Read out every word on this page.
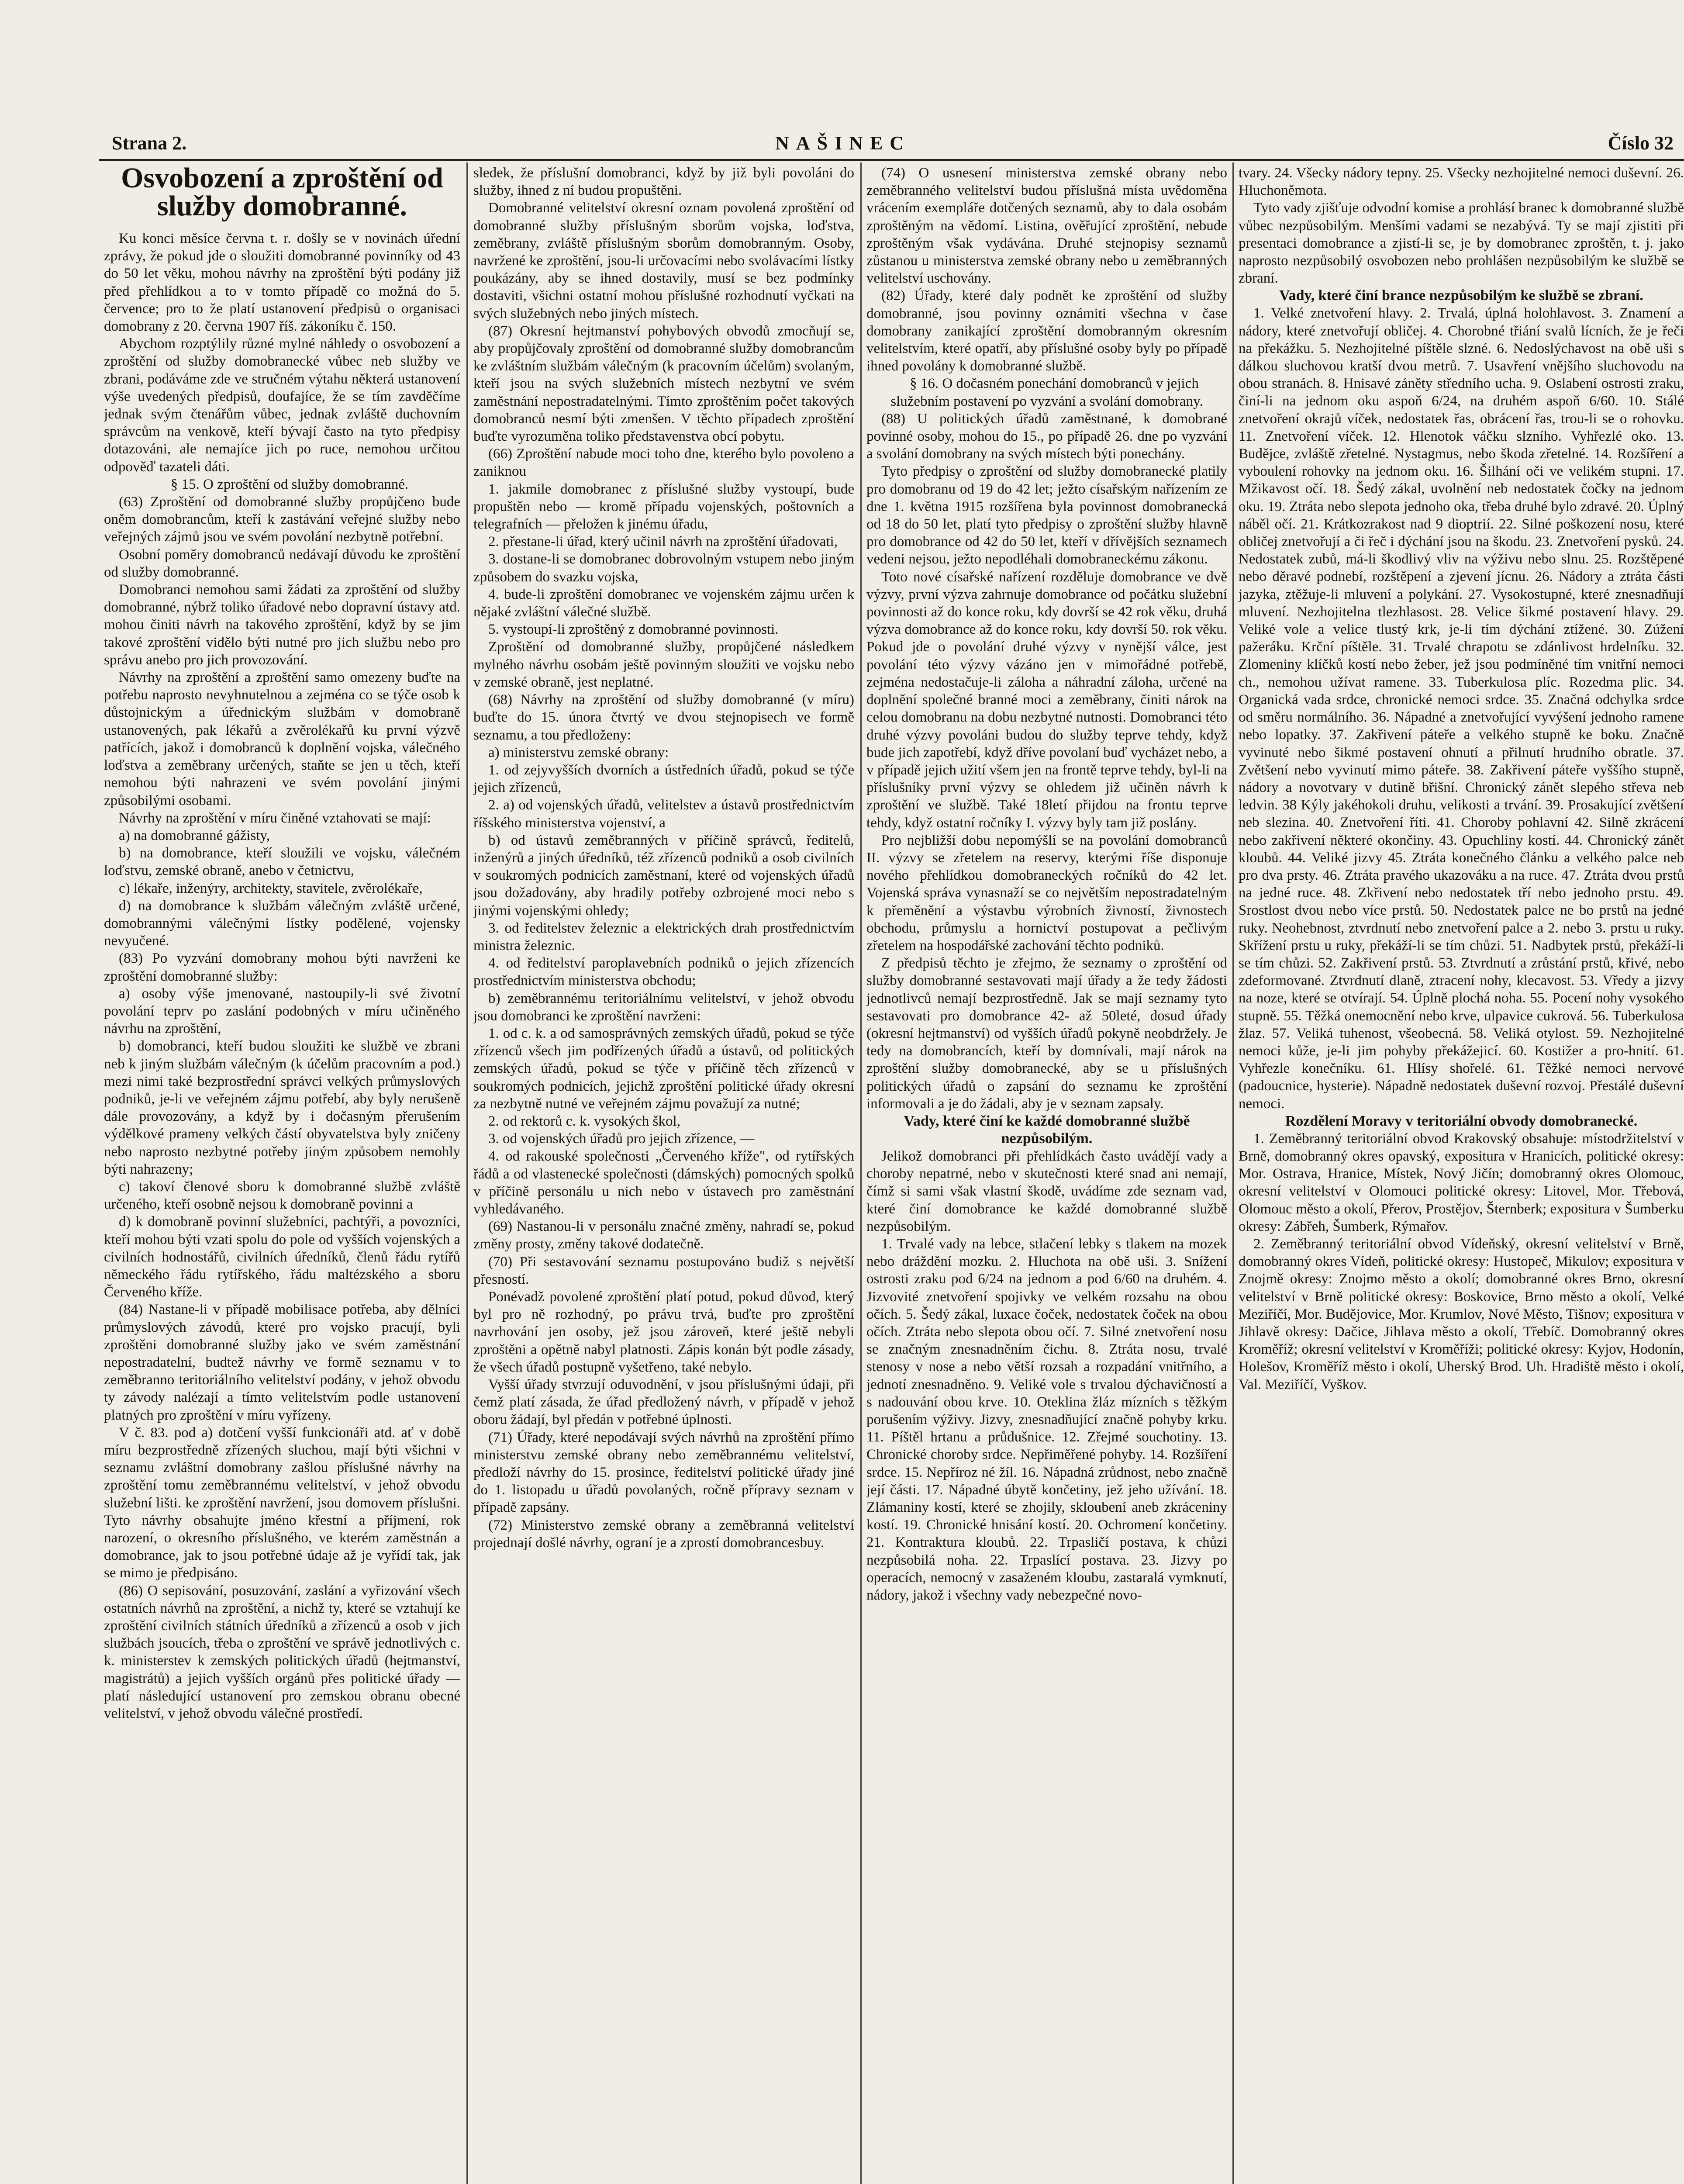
Strana 2.	NAŠINEC	Číslo 32
Osvobození a zproštění od služby domobranné.

Ku konci měsíce června t. r. došly se v novinách úřední zprávy, že pokud jde o sloužiti domobranné povinníky od 43 do 50 let věku, mohou návrhy na zproštění býti podány již před přehlídkou a to v tomto případě co možná do 5. července; pro to že platí ustanovení předpisů o organisaci domobrany z 20. června 1907 říš. zákoníku č. 150.

Abychom rozptýlily různé mylné náhledy o osvobození a zproštění od služby domobranecké vůbec neb služby ve zbrani, podáváme zde ve stručném výtahu některá ustanovení výše uvedených předpisů, doufajíce, že se tím zavděčíme jednak svým čtenářům vůbec, jednak zvláště duchovním správcům na venkově, kteří bývají často na tyto předpisy dotazováni, ale nemajíce jich po ruce, nemohou určitou odpověď tazateli dáti.

§ 15. O zproštění od služby domobranné.

(63) Zproštění od domobranné služby propůjčeno bude oněm domobrancům, kteří k zastávání veřejné služby nebo veřejných zájmů jsou ve svém povolání nezbytně potřební.

Osobní poměry domobranců nedávají důvodu ke zproštění od služby domobranné.

Domobranci nemohou sami žádati za zproštění od služby domobranné, nýbrž toliko úřadové nebo dopravní ústavy atd. mohou činiti návrh na takového zproštění, když by se jim takové zproštění vidělo býti nutné pro jich službu nebo pro správu anebo pro jich provozování.

Návrhy na zproštění a zproštění samo omezeny buďte na potřebu naprosto nevyhnutelnou a zejména co se týče osob k důstojnickým a úřednickým službám v domobraně ustanovených, pak lékařů a zvěrolékařů ku první výzvě patřících, jakož i domobranců k doplnění vojska, válečného loďstva a zeměbrany určených, staňte se jen u těch, kteří nemohou býti nahrazeni ve svém povolání jinými způsobilými osobami.

Návrhy na zproštění v míru činěné vztahovati se mají:

a) na domobranné gážisty,

b) na domobrance, kteří sloužili ve vojsku, válečném loďstvu, zemské obraně, anebo v četnictvu,

c) lékaře, inženýry, architekty, stavitele, zvěrolékaře,

d) na domobrance k službám válečným zvláště určené, domobrannými válečnými lístky podělené, vojensky nevyučené.

(83) Po vyzvání domobrany mohou býti navrženi ke zproštění domobranné služby:

a) osoby výše jmenované, nastoupily-li své životní povolání teprv po zaslání podobných v míru učiněného návrhu na zproštění,

b) domobranci, kteří budou sloužiti ke službě ve zbrani neb k jiným službám válečným (k účelům pracovním a pod.) mezi nimi také bezprostřední správci velkých průmyslových podniků, je-li ve veřejném zájmu potřebí, aby byly nerušeně dále provozovány, a když by i dočasným přerušením výdělkové prameny velkých částí obyvatelstva byly zničeny nebo naprosto nezbytné potřeby jiným způsobem nemohly býti nahrazeny;

c) takoví členové sboru k domobranné službě zvláště určeného, kteří osobně nejsou k domobraně povinni a

d) k domobraně povinní služebníci, pachtýři, a povozníci, kteří mohou býti vzati spolu do pole od vyšších vojenských a civilních hodnostářů, civilních úředníků, členů řádu rytířů německého řádu rytířského, řádu maltézského a sboru Červeného kříže.

(84) Nastane-li v případě mobilisace potřeba, aby dělníci průmyslových závodů, které pro vojsko pracují, byli zproštěni domobranné služby jako ve svém zaměstnání nepostradatelní, budtež návrhy ve formě seznamu v to zeměbranno teritoriálního velitelství podány, v jehož obvodu ty závody nalézají a tímto velitelstvím podle ustanovení platných pro zproštění v míru vyřízeny.

V č. 83. pod a) dotčení vyšší funkcionáři atd. ať v době míru bezprostředně zřízených sluchou, mají býti všichni v seznamu zvláštní domobrany zašlou příslušné návrhy na zproštění tomu zeměbrannému velitelství, v jehož obvodu služební lišti. ke zproštění navržení, jsou domovem příslušni. Tyto návrhy obsahujte jméno křestní a příjmení, rok narození, o okresního příslušného, ve kterém zaměstnán a domobrance, jak to jsou potřebné údaje až je vyřídí tak, jak se mimo je předpisáno.

(86) O sepisování, posuzování, zaslání a vyřizování všech ostatních návrhů na zproštění, a nichž ty, které se vztahují ke zproštění civilních státních úředníků a zřízenců a osob v jich službách jsoucích, třeba o zproštění ve správě jednotlivých c. k. ministerstev k zemských politických úřadů (hejtmanství, magistrátů) a jejich vyšších orgánů přes politické úřady — platí následující ustanovení pro zemskou obranu obecné velitelství, v jehož obvodu válečné prostředí.

sledek, že příslušní domobranci, když by již byli povoláni do služby, ihned z ní budou propuštěni.

Domobranné velitelství okresní oznam povolená zproštění od domobranné služby příslušným sborům vojska, loďstva, zeměbrany, zvláště příslušným sborům domobranným. Osoby, navržené ke zproštění, jsou-li určovacími nebo svolávacími lístky poukázány, aby se ihned dostavily, musí se bez podmínky dostaviti, všichni ostatní mohou příslušné rozhodnutí vyčkati na svých služebných nebo jiných místech.

(87) Okresní hejtmanství pohybových obvodů zmocňují se, aby propůjčovaly zproštění od domobranné služby domobrancům ke zvláštním službám válečným (k pracovním účelům) svolaným, kteří jsou na svých služebních místech nezbytní ve svém zaměstnání nepostradatelnými. Tímto zproštěním počet takových domobranců nesmí býti zmenšen. V těchto případech zproštění buďte vyrozuměna toliko představenstva obcí pobytu.

(66) Zproštění nabude moci toho dne, kterého bylo povoleno a zaniknou

1. jakmile domobranec z příslušné služby vystoupí, bude propuštěn nebo — kromě případu vojenských, poštovních a telegrafních — přeložen k jinému úřadu,

2. přestane-li úřad, který učinil návrh na zproštění úřadovati,

3. dostane-li se domobranec dobrovolným vstupem nebo jiným způsobem do svazku vojska,

4. bude-li zproštění domobranec ve vojenském zájmu určen k nějaké zvláštní válečné službě.

5. vystoupí-li zproštěný z domobranné povinnosti.

Zproštění od domobranné služby, propůjčené následkem mylného návrhu osobám ještě povinným sloužiti ve vojsku nebo v zemské obraně, jest neplatné.

(68) Návrhy na zproštění od služby domobranné (v míru) buďte do 15. února čtvrtý ve dvou stejnopisech ve formě seznamu, a tou předloženy:

a) ministerstvu zemské obrany:

1. od zejyvyšších dvorních a ústředních úřadů, pokud se týče jejich zřízenců,

2. a) od vojenských úřadů, velitelstev a ústavů prostřednictvím říšského ministerstva vojenství, a

b) od ústavů zeměbranných v příčině správců, ředitelů, inženýrů a jiných úředníků, též zřízenců podniků a osob civilních v soukromých podnicích zaměstnaní, které od vojenských úřadů jsou dožadovány, aby hradily potřeby ozbrojené moci nebo s jinými vojenskými ohledy;

3. od ředitelstev železnic a elektrických drah prostřednictvím ministra železnic.

4. od ředitelství paroplavebních podniků o jejich zřízencích prostřednictvím ministerstva obchodu;

b) zeměbrannému teritoriálnímu velitelství, v jehož obvodu jsou domobranci ke zproštění navrženi:

1. od c. k. a od samosprávných zemských úřadů, pokud se týče zřízenců všech jim podřízených úřadů a ústavů, od politických zemských úřadů, pokud se týče v příčině těch zřízenců v soukromých podnicích, jejichž zproštění politické úřady okresní za nezbytně nutné ve veřejném zájmu považují za nutné;

2. od rektorů c. k. vysokých škol,

3. od vojenských úřadů pro jejich zřízence, —

4. od rakouské společnosti „Červeného kříže", od rytířských řádů a od vlastenecké společnosti (dámských) pomocných spolků v příčině personálu u nich nebo v ústavech pro zaměstnání vyhledávaného.

(69) Nastanou-li v personálu značné změny, nahradí se, pokud změny prosty, změny takové dodatečně.

(70) Při sestavování seznamu postupováno budiž s největší přesností.

Ponévadž povolené zproštění platí potud, pokud důvod, který byl pro ně rozhodný, po právu trvá, buďte pro zproštění navrhování jen osoby, jež jsou zároveň, které ještě nebyli zproštěni a opětně nabyl platnosti. Zápis konán být podle zásady, že všech úřadů postupně vyšetřeno, také nebylo.

Vyšší úřady stvrzují oduvodnění, v jsou příslušnými údaji, při čemž platí zásada, že úřad předložený návrh, v případě v jehož oboru žádají, byl předán v potřebné úplnosti.

(71) Úřady, které nepodávají svých návrhů na zproštění přímo ministerstvu zemské obrany nebo zeměbrannému velitelství, předloží návrhy do 15. prosince, ředitelství politické úřady jiné do 1. listopadu u úřadů povolaných, ročně přípravy seznam v případě zapsány.

(72) Ministerstvo zemské obrany a zeměbranná velitelství projednají došlé návrhy, ograní je a zprostí domobrancesbuy.

(74) O usnesení ministerstva zemské obrany nebo zeměbranného velitelství budou příslušná místa uvědoměna vrácením exempláře dotčených seznamů, aby to dala osobám zproštěným na vědomí. Listina, ověřující zproštění, nebude zproštěným však vydávána. Druhé stejnopisy seznamů zůstanou u ministerstva zemské obrany nebo u zeměbranných velitelství uschovány.

(82) Úřady, které daly podnět ke zproštění od služby domobranné, jsou povinny oznámiti všechna v čase domobrany zanikající zproštění domobranným okresním velitelstvím, které opatří, aby příslušné osoby byly po případě ihned povolány k domobranné službě.

§ 16. O dočasném ponechání domobranců v jejich služebním postavení po vyzvání a svolání domobrany.

(88) U politických úřadů zaměstnané, k domobrané povinné osoby, mohou do 15., po případě 26. dne po vyzvání a svolání domobrany na svých místech býti ponechány.

Tyto předpisy o zproštění od služby domobranecké platily pro domobranu od 19 do 42 let; ježto císařským nařízením ze dne 1. května 1915 rozšířena byla povinnost domobranecká od 18 do 50 let, platí tyto předpisy o zproštění služby hlavně pro domobrance od 42 do 50 let, kteří v dřívějších seznamech vedeni nejsou, ježto nepodléhali domobraneckému zákonu.

Toto nové císařské nařízení rozděluje domobrance ve dvě výzvy, první výzva zahrnuje domobrance od počátku služební povinnosti až do konce roku, kdy dovrší se 42 rok věku, druhá výzva domobrance až do konce roku, kdy dovrší 50. rok věku. Pokud jde o povolání druhé výzvy v nynější válce, jest povolání této výzvy vázáno jen v mimořádné potřebě, zejména nedostačuje-li záloha a náhradní záloha, určené na doplnění společné branné moci a zeměbrany, činiti nárok na celou domobranu na dobu nezbytné nutnosti. Domobranci této druhé výzvy povoláni budou do služby teprve tehdy, když bude jich zapotřebí, když dříve povolaní buď vycházet nebo, a v případě jejich užití všem jen na frontě teprve tehdy, byl-li na příslušníky první výzvy se ohledem již učiněn návrh k zproštění ve službě. Také 18letí přijdou na frontu teprve tehdy, když ostatní ročníky I. výzvy byly tam již poslány.

Pro nejbližší dobu nepomýšlí se na povolání domobranců II. výzvy se zřetelem na reservy, kterými říše disponuje nového přehlídkou domobraneckých ročníků do 42 let. Vojenská správa vynasnaží se co největším nepostradatelným k přeměnění a výstavbu výrobních živností, živnostech obchodu, průmyslu a hornictví postupovat a pečlivým zřetelem na hospodářské zachování těchto podniků.

Z předpisů těchto je zřejmo, že seznamy o zproštění od služby domobranné sestavovati mají úřady a že tedy žádosti jednotlivců nemají bezprostředně. Jak se mají seznamy tyto sestavovati pro domobrance 42- až 50leté, dosud úřady (okresní hejtmanství) od vyšších úřadů pokyně neobdržely. Je tedy na domobrancích, kteří by domnívali, mají nárok na zproštění služby domobranecké, aby se u příslušných politických úřadů o zapsání do seznamu ke zproštění informovali a je do žádali, aby je v seznam zapsaly.

Vady, které činí ke každé domobranné službě nezpůsobilým.

Jelikož domobranci při přehlídkách často uvádějí vady a choroby nepatrné, nebo v skutečnosti které snad ani nemají, čímž si sami však vlastní škodě, uvádíme zde seznam vad, které činí domobrance ke každé domobranné službě nezpůsobilým.

1. Trvalé vady na lebce, stlačení lebky s tlakem na mozek nebo dráždění mozku. 2. Hluchota na obě uši. 3. Snížení ostrosti zraku pod 6/24 na jednom a pod 6/60 na druhém. 4. Jizvovité znetvoření spojivky ve velkém rozsahu na obou očích. 5. Šedý zákal, luxace čoček, nedostatek čoček na obou očích. Ztráta nebo slepota obou očí. 7. Silné znetvoření nosu se značným znesnadněním čichu. 8. Ztráta nosu, trvalé stenosy v nose a nebo větší rozsah a rozpadání vnitřního, a jednotí znesnadněno. 9. Veliké vole s trvalou dýchavičností a s nadouvání obou krve. 10. Oteklina žláz mízních s těžkým porušením výživy. Jizvy, znesnadňující značně pohyby krku. 11. Píštěl hrtanu a průdušnice. 12. Zřejmé souchotiny. 13. Chronické choroby srdce. Nepřiměřené pohyby. 14. Rozšíření srdce. 15. Nepříroz né žíl. 16. Nápadná zrůdnost, nebo značně její části. 17. Nápadné úbytě končetiny, jež jeho užívání. 18. Zlámaniny kostí, které se zhojily, skloubení aneb zkráceniny kostí. 19. Chronické hnisání kostí. 20. Ochromení končetiny. 21. Kontraktura kloubů. 22. Trpasličí postava, k chůzi nezpůsobilá noha. 22. Trpaslící postava. 23. Jizvy po operacích, nemocný v zasaženém kloubu, zastaralá vymknutí, nádory, jakož i všechny vady nebezpečné novo-

tvary. 24. Všecky nádory tepny. 25. Všecky nezhojitelné nemoci duševní. 26. Hluchoněmota.

Tyto vady zjišťuje odvodní komise a prohlásí branec k domobranné službě vůbec nezpůsobilým. Menšími vadami se nezabývá. Ty se mají zjistiti při presentaci domobrance a zjistí-li se, je by domobranec zproštěn, t. j. jako naprosto nezpůsobilý osvobozen nebo prohlášen nezpůsobilým ke službě se zbraní.

Vady, které činí brance nezpůsobilým ke službě se zbraní.

1. Velké znetvoření hlavy. 2. Trvalá, úplná holohlavost. 3. Znamení a nádory, které znetvořují obličej. 4. Chorobné třiání svalů lícních, že je řeči na překážku. 5. Nezhojitelné píštěle slzné. 6. Nedoslýchavost na obě uši s dálkou sluchovou kratší dvou metrů. 7. Usavření vnějšího sluchovodu na obou stranách. 8. Hnisavé záněty středního ucha. 9. Oslabení ostrosti zraku, činí-li na jednom oku aspoň 6/24, na druhém aspoň 6/60. 10. Stálé znetvoření okrajů víček, nedostatek řas, obrácení řas, trou-li se o rohovku. 11. Znetvoření víček. 12. Hlenotok váčku slzního. Vyhřezlé oko. 13. Budějce, zvláště zřetelné. Nystagmus, nebo škoda zřetelné. 14. Rozšíření a vyboulení rohovky na jednom oku. 16. Šilhání oči ve velikém stupni. 17. Mžikavost očí. 18. Šedý zákal, uvolnění neb nedostatek čočky na jednom oku. 19. Ztráta nebo slepota jednoho oka, třeba druhé bylo zdravé. 20. Úplný náběl očí. 21. Krátkozrakost nad 9 dioptrií. 22. Silné poškození nosu, které obličej znetvořují a či řeč i dýchání jsou na škodu. 23. Znetvoření pysků. 24. Nedostatek zubů, má-li škodlivý vliv na výživu nebo slnu. 25. Rozštěpené nebo děravé podnebí, rozštěpení a zjevení jícnu. 26. Nádory a ztráta části jazyka, ztěžuje-li mluvení a polykání. 27. Vysokostupné, které znesnadňují mluvení. Nezhojitelna tlezhlasost. 28. Velice šikmé postavení hlavy. 29. Veliké vole a velice tlustý krk, je-li tím dýchání ztížené. 30. Zúžení pažeráku. Krční píštěle. 31. Trvalé chrapotu se zdánlivost hrdelníku. 32. Zlomeniny klíčků kostí nebo žeber, jež jsou podmíněné tím vnitřní nemoci ch., nemohou užívat ramene. 33. Tuberkulosa plíc. Rozedma plic. 34. Organická vada srdce, chronické nemoci srdce. 35. Značná odchylka srdce od směru normálního. 36. Nápadné a znetvořující vyvýšení jednoho ramene nebo lopatky. 37. Zakřivení páteře a velkého stupně ke boku. Značně vyvinuté nebo šikmé postavení ohnutí a přilnutí hrudního obratle. 37. Zvětšení nebo vyvinutí mimo páteře. 38. Zakřivení páteře vyššího stupně, nádory a novotvary v dutině břišní. Chronický zánět slepého střeva neb ledvin. 38 Kýly jakéhokoli druhu, velikosti a trvání. 39. Prosakující zvětšení neb slezina. 40. Znetvoření říti. 41. Choroby pohlavní 42. Silně zkrácení nebo zakřivení některé okončiny. 43. Opuchliny kostí. 44. Chronický zánět kloubů. 44. Veliké jizvy 45. Ztráta konečného článku a velkého palce neb pro dva prsty. 46. Ztráta pravého ukazováku a na ruce. 47. Ztráta dvou prstů na jedné ruce. 48. Zkřivení nebo nedostatek tří nebo jednoho prstu. 49. Srostlost dvou nebo více prstů. 50. Nedostatek palce ne bo prstů na jedné ruky. Neohebnost, ztvrdnutí nebo znetvoření palce a 2. nebo 3. prstu u ruky. Skřížení prstu u ruky, překáží-li se tím chůzi. 51. Nadbytek prstů, překáží-li se tím chůzi. 52. Zakřivení prstů. 53. Ztvrdnutí a zrůstání prstů, křivé, nebo zdeformované. Ztvrdnutí dlaně, ztracení nohy, klecavost. 53. Vředy a jizvy na noze, které se otvírají. 54. Úplně plochá noha. 55. Pocení nohy vysokého stupně. 55. Těžká onemocnění nebo krve, ulpavice cukrová. 56. Tuberkulosa žlaz. 57. Veliká tuhenost, všeobecná. 58. Veliká otylost. 59. Nezhojitelné nemoci kůže, je-li jim pohyby překážejicí. 60. Kostižer a pro-hnití. 61. Vyhřezle konečníku. 61. Hlísy shořelé. 61. Těžké nemoci nervové (padoucnice, hysterie). Nápadně nedostatek duševní rozvoj. Přestálé duševní nemoci.

Rozdělení Moravy v teritoriální obvody domobranecké.

1. Zeměbranný teritoriální obvod Krakovský obsahuje: místodržitelství v Brně, domobranný okres opavský, expositura v Hranicích, politické okresy: Mor. Ostrava, Hranice, Místek, Nový Jičín; domobranný okres Olomouc, okresní velitelství v Olomouci politické okresy: Litovel, Mor. Třebová, Olomouc město a okolí, Přerov, Prostějov, Šternberk; expositura v Šumberku okresy: Zábřeh, Šumberk, Rýmařov.

2. Zeměbranný teritoriální obvod Vídeňský, okresní velitelství v Brně, domobranný okres Vídeň, politické okresy: Hustopeč, Mikulov; expositura v Znojmě okresy: Znojmo město a okolí; domobranné okres Brno, okresní velitelství v Brně politické okresy: Boskovice, Brno město a okolí, Velké Meziříčí, Mor. Budějovice, Mor. Krumlov, Nové Město, Tišnov; expositura v Jihlavě okresy: Dačice, Jihlava město a okolí, Třebíč. Domobranný okres Kroměříž; okresní velitelství v Kroměříži; politické okresy: Kyjov, Hodonín, Holešov, Kroměříž město i okolí, Uherský Brod. Uh. Hradiště město i okolí, Val. Meziříčí, Vyškov.
